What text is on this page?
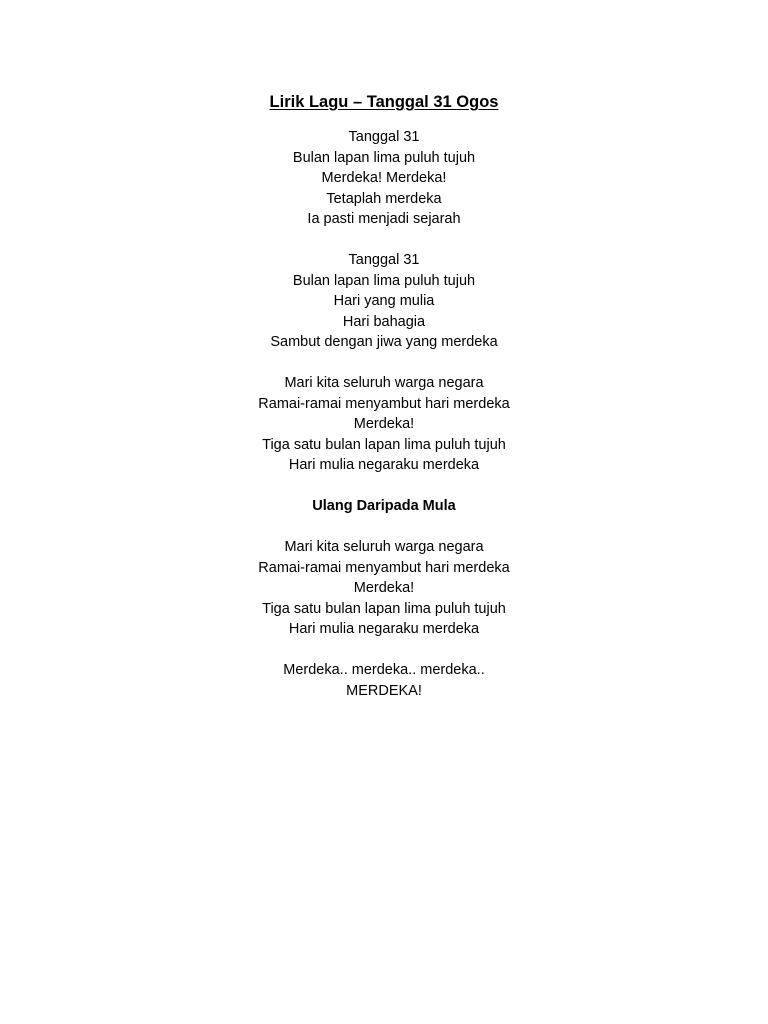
Lirik Lagu – Tanggal 31 Ogos
Tanggal 31
Bulan lapan lima puluh tujuh
Merdeka! Merdeka!
Tetaplah merdeka
Ia pasti menjadi sejarah
Tanggal 31
Bulan lapan lima puluh tujuh
Hari yang mulia
Hari bahagia
Sambut dengan jiwa yang merdeka
Mari kita seluruh warga negara
Ramai-ramai menyambut hari merdeka
Merdeka!
Tiga satu bulan lapan lima puluh tujuh
Hari mulia negaraku merdeka
Ulang Daripada Mula
Mari kita seluruh warga negara
Ramai-ramai menyambut hari merdeka
Merdeka!
Tiga satu bulan lapan lima puluh tujuh
Hari mulia negaraku merdeka
Merdeka.. merdeka.. merdeka..
MERDEKA!
